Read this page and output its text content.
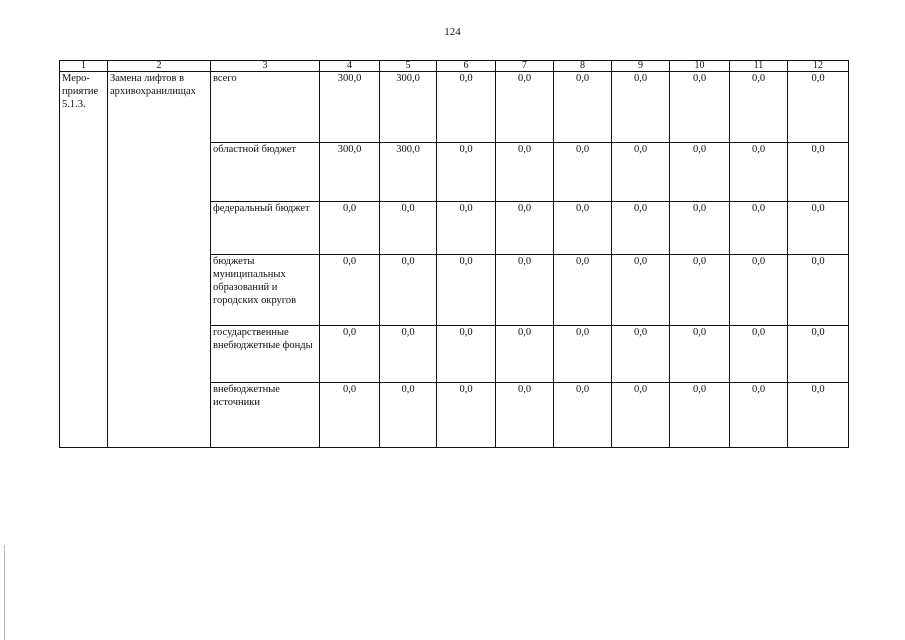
124
1	2	3	4	5	6	7	8	9	10	11	12
Меро-приятие 5.1.3.	Замена лифтов в архивохранилищах	всего	300,0	300,0	0,0	0,0	0,0	0,0	0,0	0,0	0,0
		областной бюджет	300,0	300,0	0,0	0,0	0,0	0,0	0,0	0,0	0,0
		федеральный бюджет	0,0	0,0	0,0	0,0	0,0	0,0	0,0	0,0	0,0
		бюджеты муниципальных образований и городских округов	0,0	0,0	0,0	0,0	0,0	0,0	0,0	0,0	0,0
		государственные внебюджетные фонды	0,0	0,0	0,0	0,0	0,0	0,0	0,0	0,0	0,0
		внебюджетные источники	0,0	0,0	0,0	0,0	0,0	0,0	0,0	0,0	0,0
